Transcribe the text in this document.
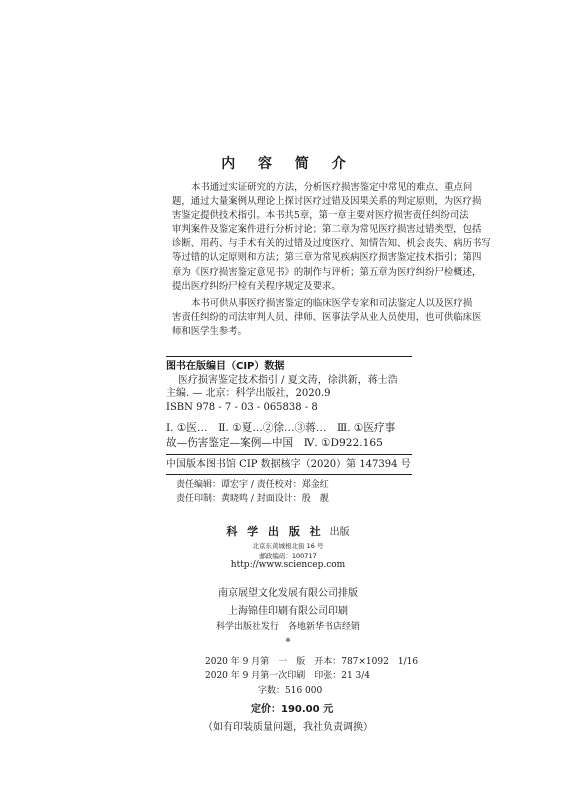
内 容 简 介
本书通过实证研究的方法，分析医疗损害鉴定中常见的难点、重点问
题，通过大量案例从理论上探讨医疗过错及因果关系的判定原则，为医疗损
害鉴定提供技术指引。本书共5章，第一章主要对医疗损害责任纠纷司法
审判案件及鉴定案件进行分析讨论；第二章为常见医疗损害过错类型，包括
诊断、用药、与手术有关的过错及过度医疗、知情告知、机会丧失、病历书写
等过错的认定原则和方法；第三章为常见疾病医疗损害鉴定技术指引；第四
章为《医疗损害鉴定意见书》的制作与评析；第五章为医疗纠纷尸检概述，
提出医疗纠纷尸检有关程序规定及要求。
本书可供从事医疗损害鉴定的临床医学专家和司法鉴定人以及医疗损
害责任纠纷的司法审判人员、律师、医事法学从业人员使用，也可供临床医
师和医学生参考。
图书在版编目（CIP）数据
医疗损害鉴定技术指引 / 夏文涛，徐洪新，蒋士浩
主编. — 北京：科学出版社，2020.9
ISBN 978 - 7 - 03 - 065838 - 8
Ⅰ. ①医…　Ⅱ. ①夏…②徐…③蒋…　Ⅲ. ①医疗事
故—伤害鉴定—案例—中国　Ⅳ. ①D922.165
中国版本图书馆 CIP 数据核字（2020）第 147394 号
责任编辑：谭宏宇 / 责任校对：郑金红
责任印制：黄晓鸣 / 封面设计：殷　靓
科 学 出 版 社 出版
北京东黄城根北街 16 号
邮政编码：100717
http://www.sciencep.com
南京展望文化发展有限公司排版
上海锦佳印刷有限公司印刷
科学出版社发行　各地新华书店经销
*
2020 年 9 月第　一　版　开本：787×1092　1/16
2020 年 9 月第一次印刷　印张：21 3/4
字数：516 000
定价：190.00 元
（如有印装质量问题，我社负责调换）
